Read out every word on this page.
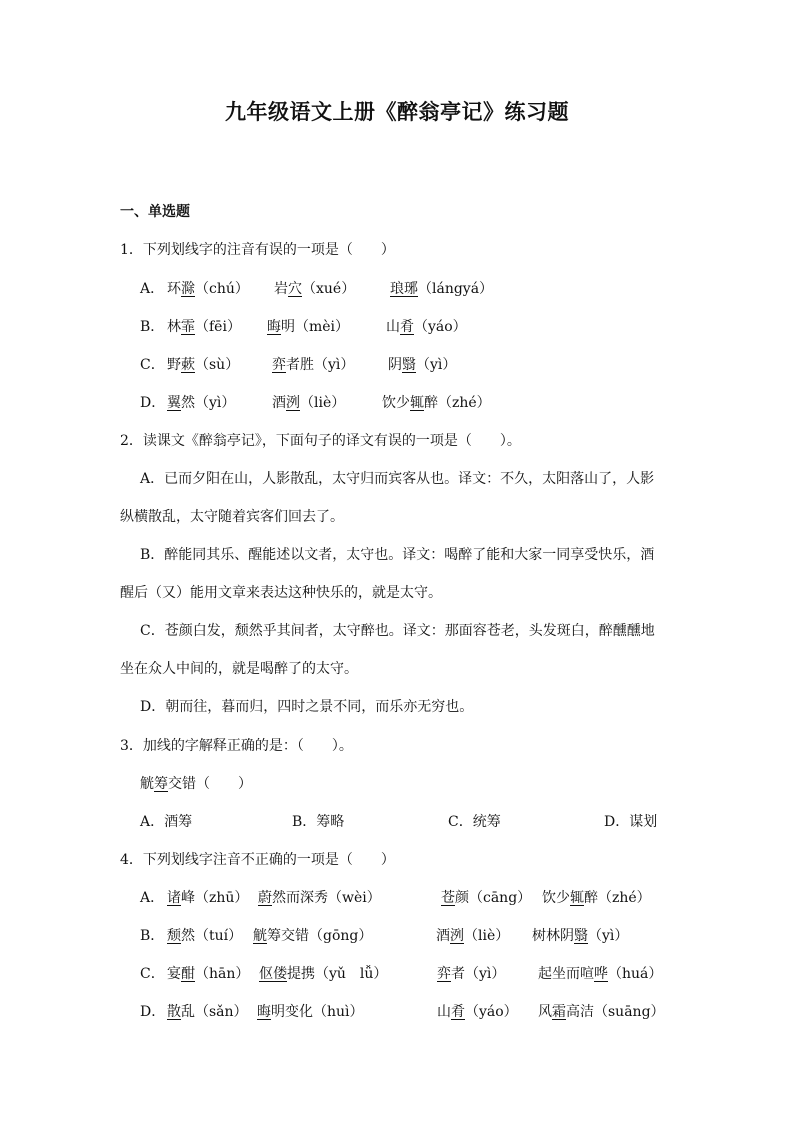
九年级语文上册《醉翁亭记》练习题
一、单选题
1．下列划线字的注音有误的一项是（　　）
A． 环滁（chú） 岩穴（xué） 琅琊（lángyá）
B． 林霏（fēi） 晦明（mèi）	山肴（yáo）
C． 野蔌（sù） 弈者胜（yì） 阴翳（yì）
D． 翼然（yì）	酒洌（liè）	饮少辄醉（zhé）
2．读课文《醉翁亭记》，下面句子的译文有误的一项是（　　）。
A．已而夕阳在山，人影散乱，太守归而宾客从也。译文：不久，太阳落山了，人影
纵横散乱，太守随着宾客们回去了。
B．醉能同其乐、醒能述以文者，太守也。译文：喝醉了能和大家一同享受快乐，酒
醒后（又）能用文章来表达这种快乐的，就是太守。
C．苍颜白发，颓然乎其间者，太守醉也。译文：那面容苍老，头发斑白，醉醺醺地
坐在众人中间的，就是喝醉了的太守。
D．朝而往，暮而归，四时之景不同，而乐亦无穷也。
3．加线的字解释正确的是：（　　）。
觥筹交错（　　）
A．酒筹	B．筹略	C．统筹	D．谋划
4．下列划线字注音不正确的一项是（　　）
A． 诸峰（zhū） 蔚然而深秀（wèi）	苍颜（cāng） 饮少辄醉（zhé）
B． 颓然（tuí） 觥筹交错（gōng）	酒洌（liè） 树林阴翳（yì）
C． 宴酣（hān） 伛偻提携（yǔ　lǚ）	弈者（yì） 起坐而喧哗（huá）
D． 散乱（sǎn） 晦明变化（huì）	山肴（yáo） 风霜高洁（suāng）
